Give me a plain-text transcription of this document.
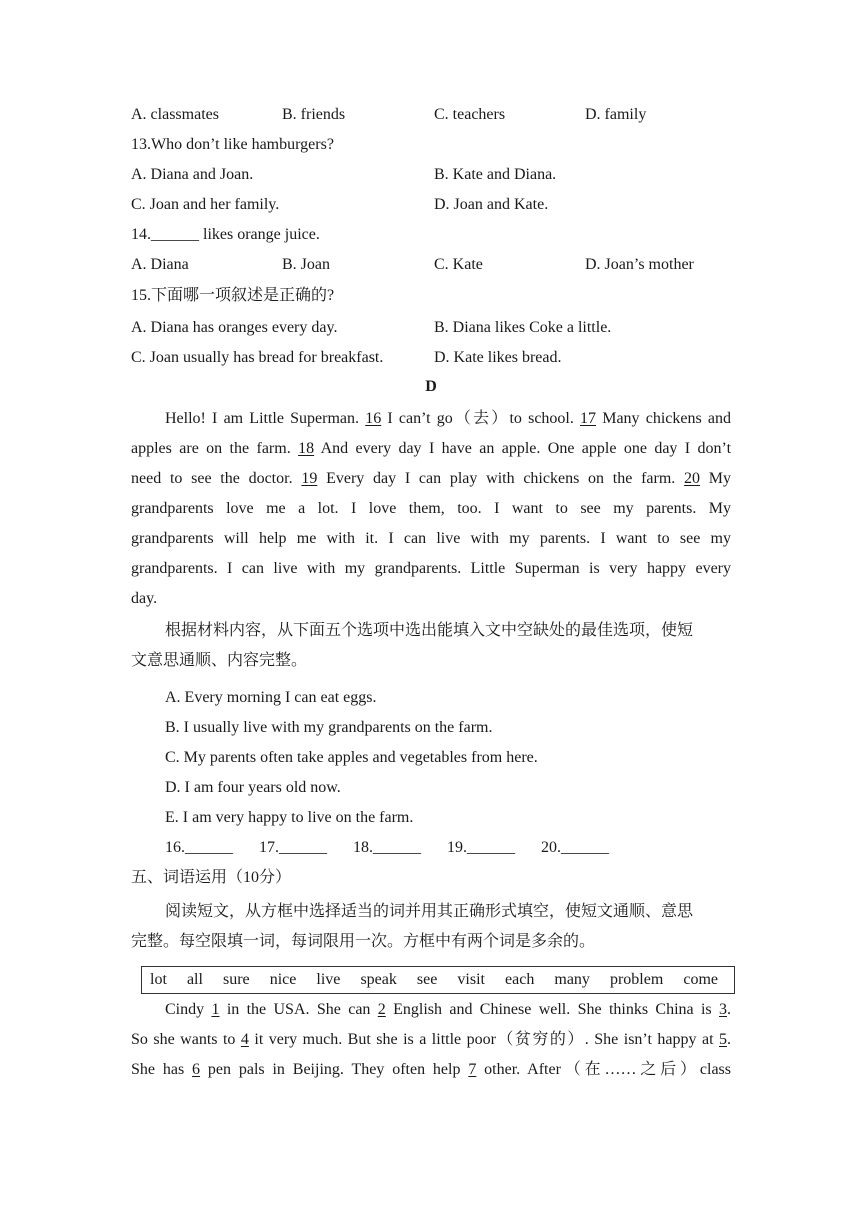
A. classmates	B. friends	C. teachers	D. family
13.Who don’t like hamburgers?
A. Diana and Joan.	B. Kate and Diana.
C. Joan and her family.	D. Joan and Kate.
14.______ likes orange juice.
A. Diana	B. Joan	C. Kate	D. Joan’s mother
15.下面哪一项叙述是正确的?
A. Diana has oranges every day.	B. Diana likes Coke a little.
C. Joan usually has bread for breakfast.	D. Kate likes bread.
D
Hello! I am Little Superman. 16 I can’t go（去）to school. 17 Many chickens and
apples are on the farm. 18 And every day I have an apple. One apple one day I don’t
need to see the doctor. 19 Every day I can play with chickens on the farm. 20 My
grandparents love me a lot. I love them, too. I want to see my parents. My
grandparents will help me with it. I can live with my parents. I want to see my
grandparents. I can live with my grandparents. Little Superman is very happy every
day.
根据材料内容，从下面五个选项中选出能填入文中空缺处的最佳选项，使短
文意思通顺、内容完整。
A. Every morning I can eat eggs.
B. I usually live with my grandparents on the farm.
C. My parents often take apples and vegetables from here.
D. I am four years old now.
E. I am very happy to live on the farm.
16.______ 17.______ 18.______ 19.______ 20.______
五、词语运用（10分）
阅读短文，从方框中选择适当的词并用其正确形式填空，使短文通顺、意思
完整。每空限填一词，每词限用一次。方框中有两个词是多余的。
lot all sure nice live speak see visit each many problem come
Cindy 1 in the USA. She can 2 English and Chinese well. She thinks China is 3.
So she wants to 4 it very much. But she is a little poor（贫穷的）. She isn’t happy at 5.
She has 6 pen pals in Beijing. They often help 7 other. After（在……之后）class
